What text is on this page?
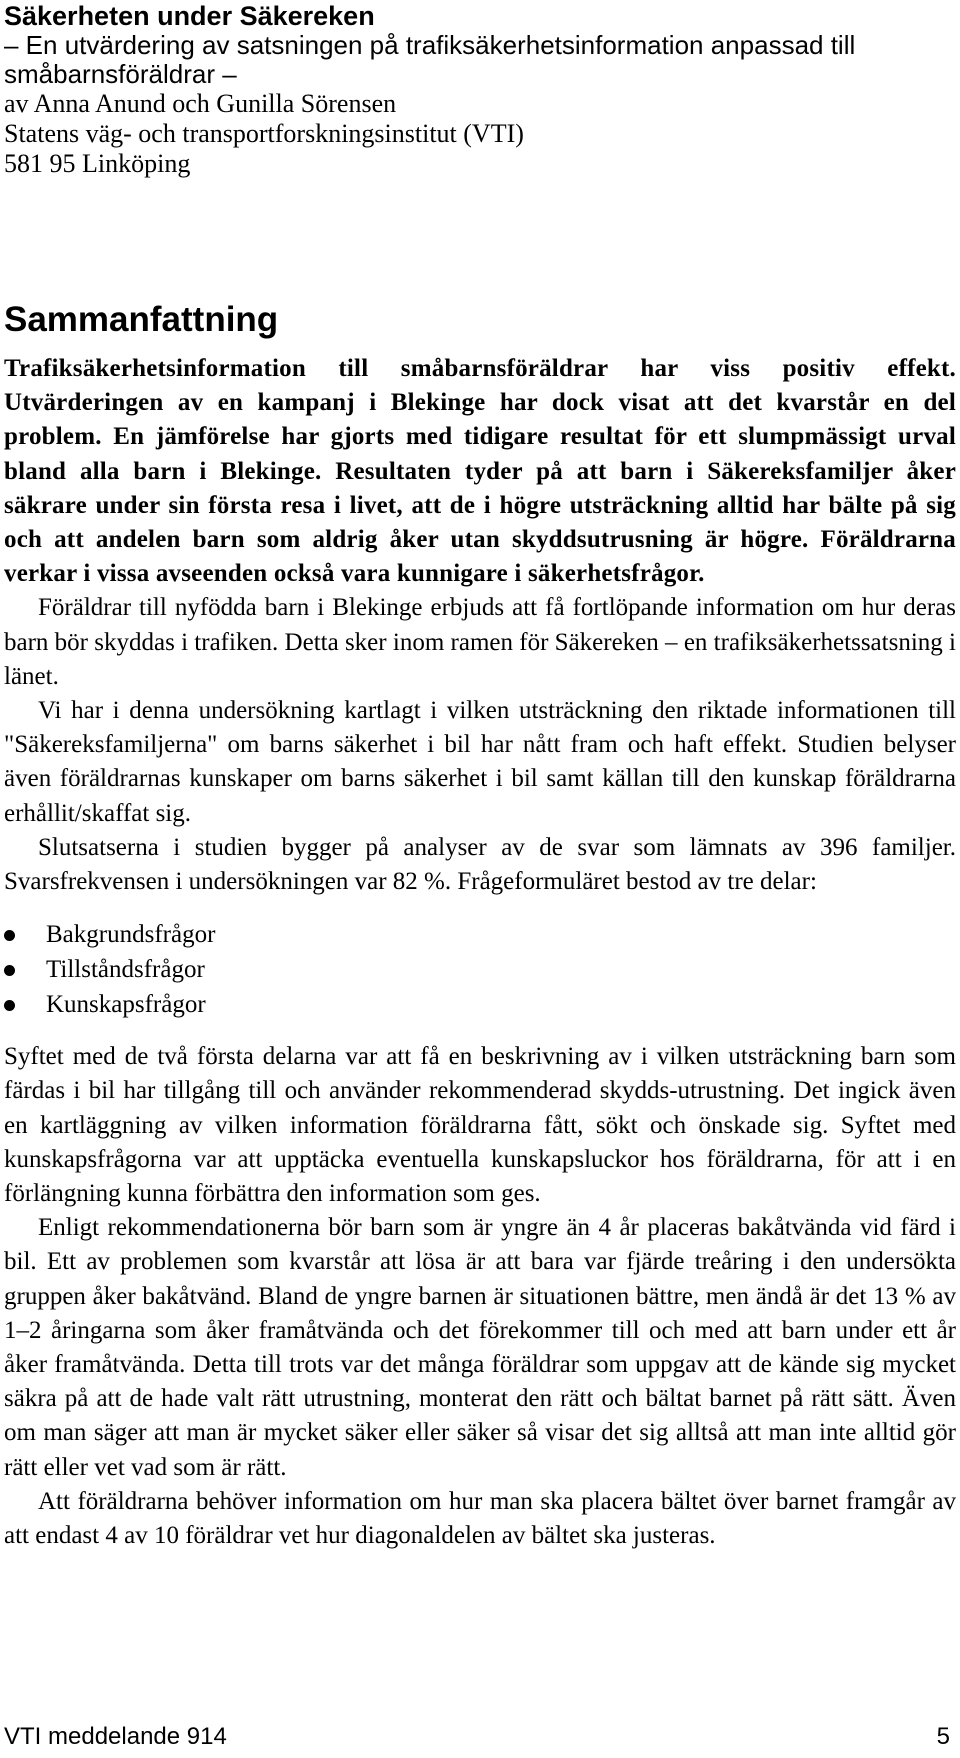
Säkerheten under Säkereken

– En utvärdering av satsningen på trafiksäkerhetsinformation anpassad till

småbarnsföräldrar –

av Anna Anund och Gunilla Sörensen

Statens väg- och transportforskningsinstitut (VTI)

581 95 Linköping

Sammanfattning

Trafiksäkerhetsinformation till småbarnsföräldrar har viss positiv effekt. Utvärderingen av en kampanj i Blekinge har dock visat att det kvarstår en del problem. En jämförelse har gjorts med tidigare resultat för ett slumpmässigt urval bland alla barn i Blekinge. Resultaten tyder på att barn i Säkereksfamiljer åker säkrare under sin första resa i livet, att de i högre utsträckning alltid har bälte på sig och att andelen barn som aldrig åker utan skyddsutrusning är högre. Föräldrarna verkar i vissa avseenden också vara kunnigare i säkerhetsfrågor.

Föräldrar till nyfödda barn i Blekinge erbjuds att få fortlöpande information om hur deras barn bör skyddas i trafiken. Detta sker inom ramen för Säkereken – en trafiksäkerhetssatsning i länet.

Vi har i denna undersökning kartlagt i vilken utsträckning den riktade informationen till "Säkereksfamiljerna" om barns säkerhet i bil har nått fram och haft effekt. Studien belyser även föräldrarnas kunskaper om barns säkerhet i bil samt källan till den kunskap föräldrarna erhållit/skaffat sig.

Slutsatserna i studien bygger på analyser av de svar som lämnats av 396 familjer. Svarsfrekvensen i undersökningen var 82 %. Frågeformuläret bestod av tre delar:

Bakgrundsfrågor
Tillståndsfrågor
Kunskapsfrågor

Syftet med de två första delarna var att få en beskrivning av i vilken utsträckning barn som färdas i bil har tillgång till och använder rekommenderad skydds-utrustning. Det ingick även en kartläggning av vilken information föräldrarna fått, sökt och önskade sig. Syftet med kunskapsfrågorna var att upptäcka eventuella kunskapsluckor hos föräldrarna, för att i en förlängning kunna förbättra den information som ges.

Enligt rekommendationerna bör barn som är yngre än 4 år placeras bakåtvända vid färd i bil. Ett av problemen som kvarstår att lösa är att bara var fjärde treåring i den undersökta gruppen åker bakåtvänd. Bland de yngre barnen är situationen bättre, men ändå är det 13 % av 1–2 åringarna som åker framåtvända och det förekommer till och med att barn under ett år åker framåtvända. Detta till trots var det många föräldrar som uppgav att de kände sig mycket säkra på att de hade valt rätt utrustning, monterat den rätt och bältat barnet på rätt sätt. Även om man säger att man är mycket säker eller säker så visar det sig alltså att man inte alltid gör rätt eller vet vad som är rätt.

Att föräldrarna behöver information om hur man ska placera bältet över barnet framgår av att endast 4 av 10 föräldrar vet hur diagonaldelen av bältet ska justeras.

VTI meddelande 914	5
